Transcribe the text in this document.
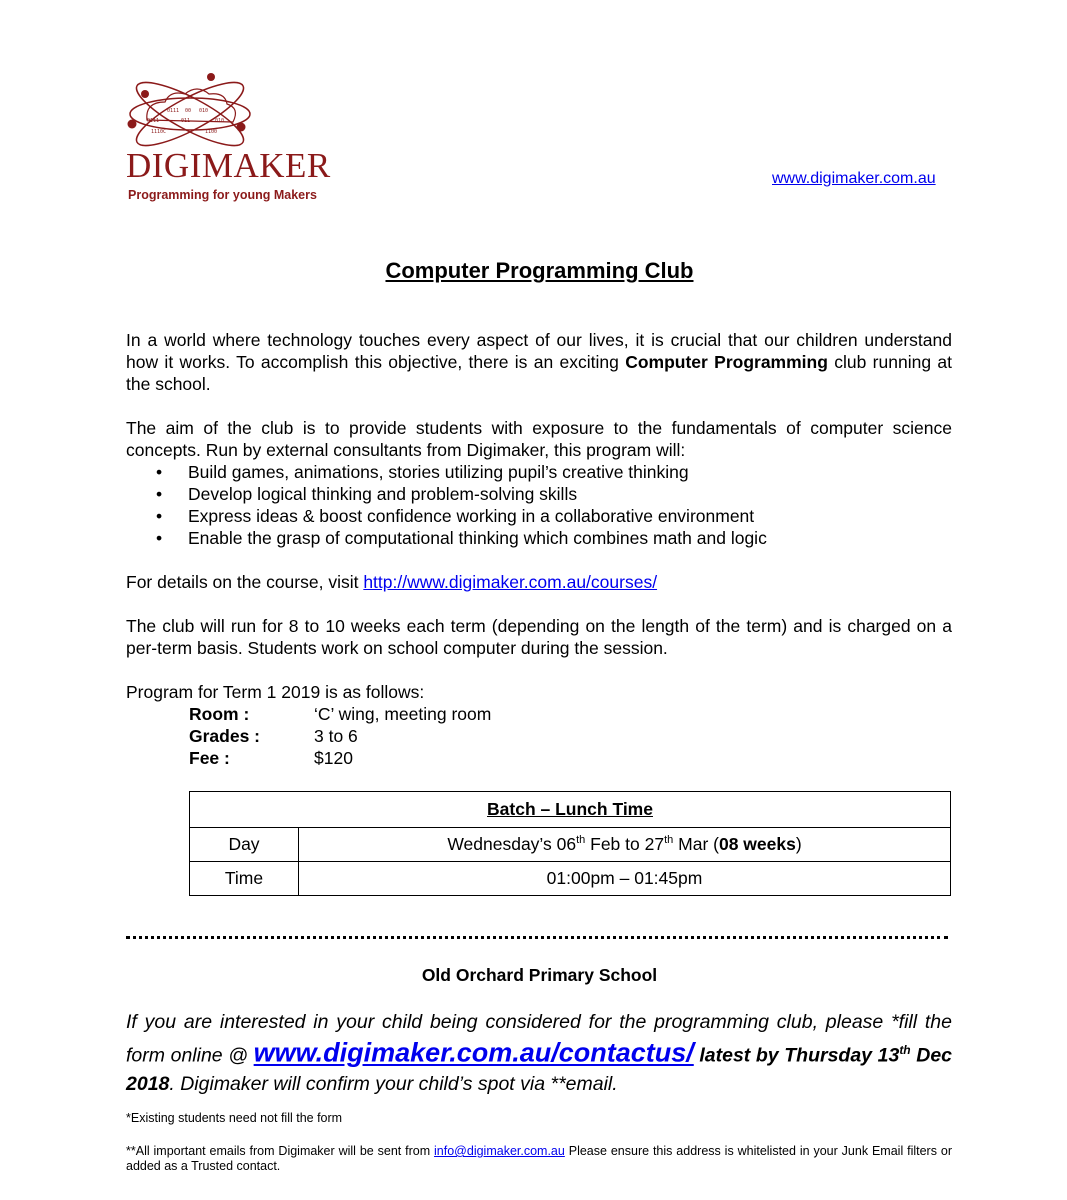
0111 00 010
0111	011	010
1110C	1100
DIGIMAKER
Programming for young Makers
www.digimaker.com.au
Computer Programming Club
In a world where technology touches every aspect of our lives, it is crucial that our children understand how it works. To accomplish this objective, there is an exciting Computer Programming club running at the school.
The aim of the club is to provide students with exposure to the fundamentals of computer science concepts. Run by external consultants from Digimaker, this program will:
• Build games, animations, stories utilizing pupil’s creative thinking
• Develop logical thinking and problem-solving skills
• Express ideas & boost confidence working in a collaborative environment
• Enable the grasp of computational thinking which combines math and logic
For details on the course, visit http://www.digimaker.com.au/courses/
The club will run for 8 to 10 weeks each term (depending on the length of the term) and is charged on a per-term basis. Students work on school computer during the session.
Program for Term 1 2019 is as follows:
Room :	‘C’ wing, meeting room
Grades :	3 to 6
Fee :	$120
Batch – Lunch Time	
Day	Wednesday’s 06th Feb to 27th Mar (08 weeks)
Time	01:00pm – 01:45pm
Old Orchard Primary School
If you are interested in your child being considered for the programming club, please *fill the form online @ www.digimaker.com.au/contactus/ latest by Thursday 13th Dec 2018. Digimaker will confirm your child’s spot via **email.
*Existing students need not fill the form
**All important emails from Digimaker will be sent from info@digimaker.com.au Please ensure this address is whitelisted in your Junk Email filters or added as a Trusted contact.
